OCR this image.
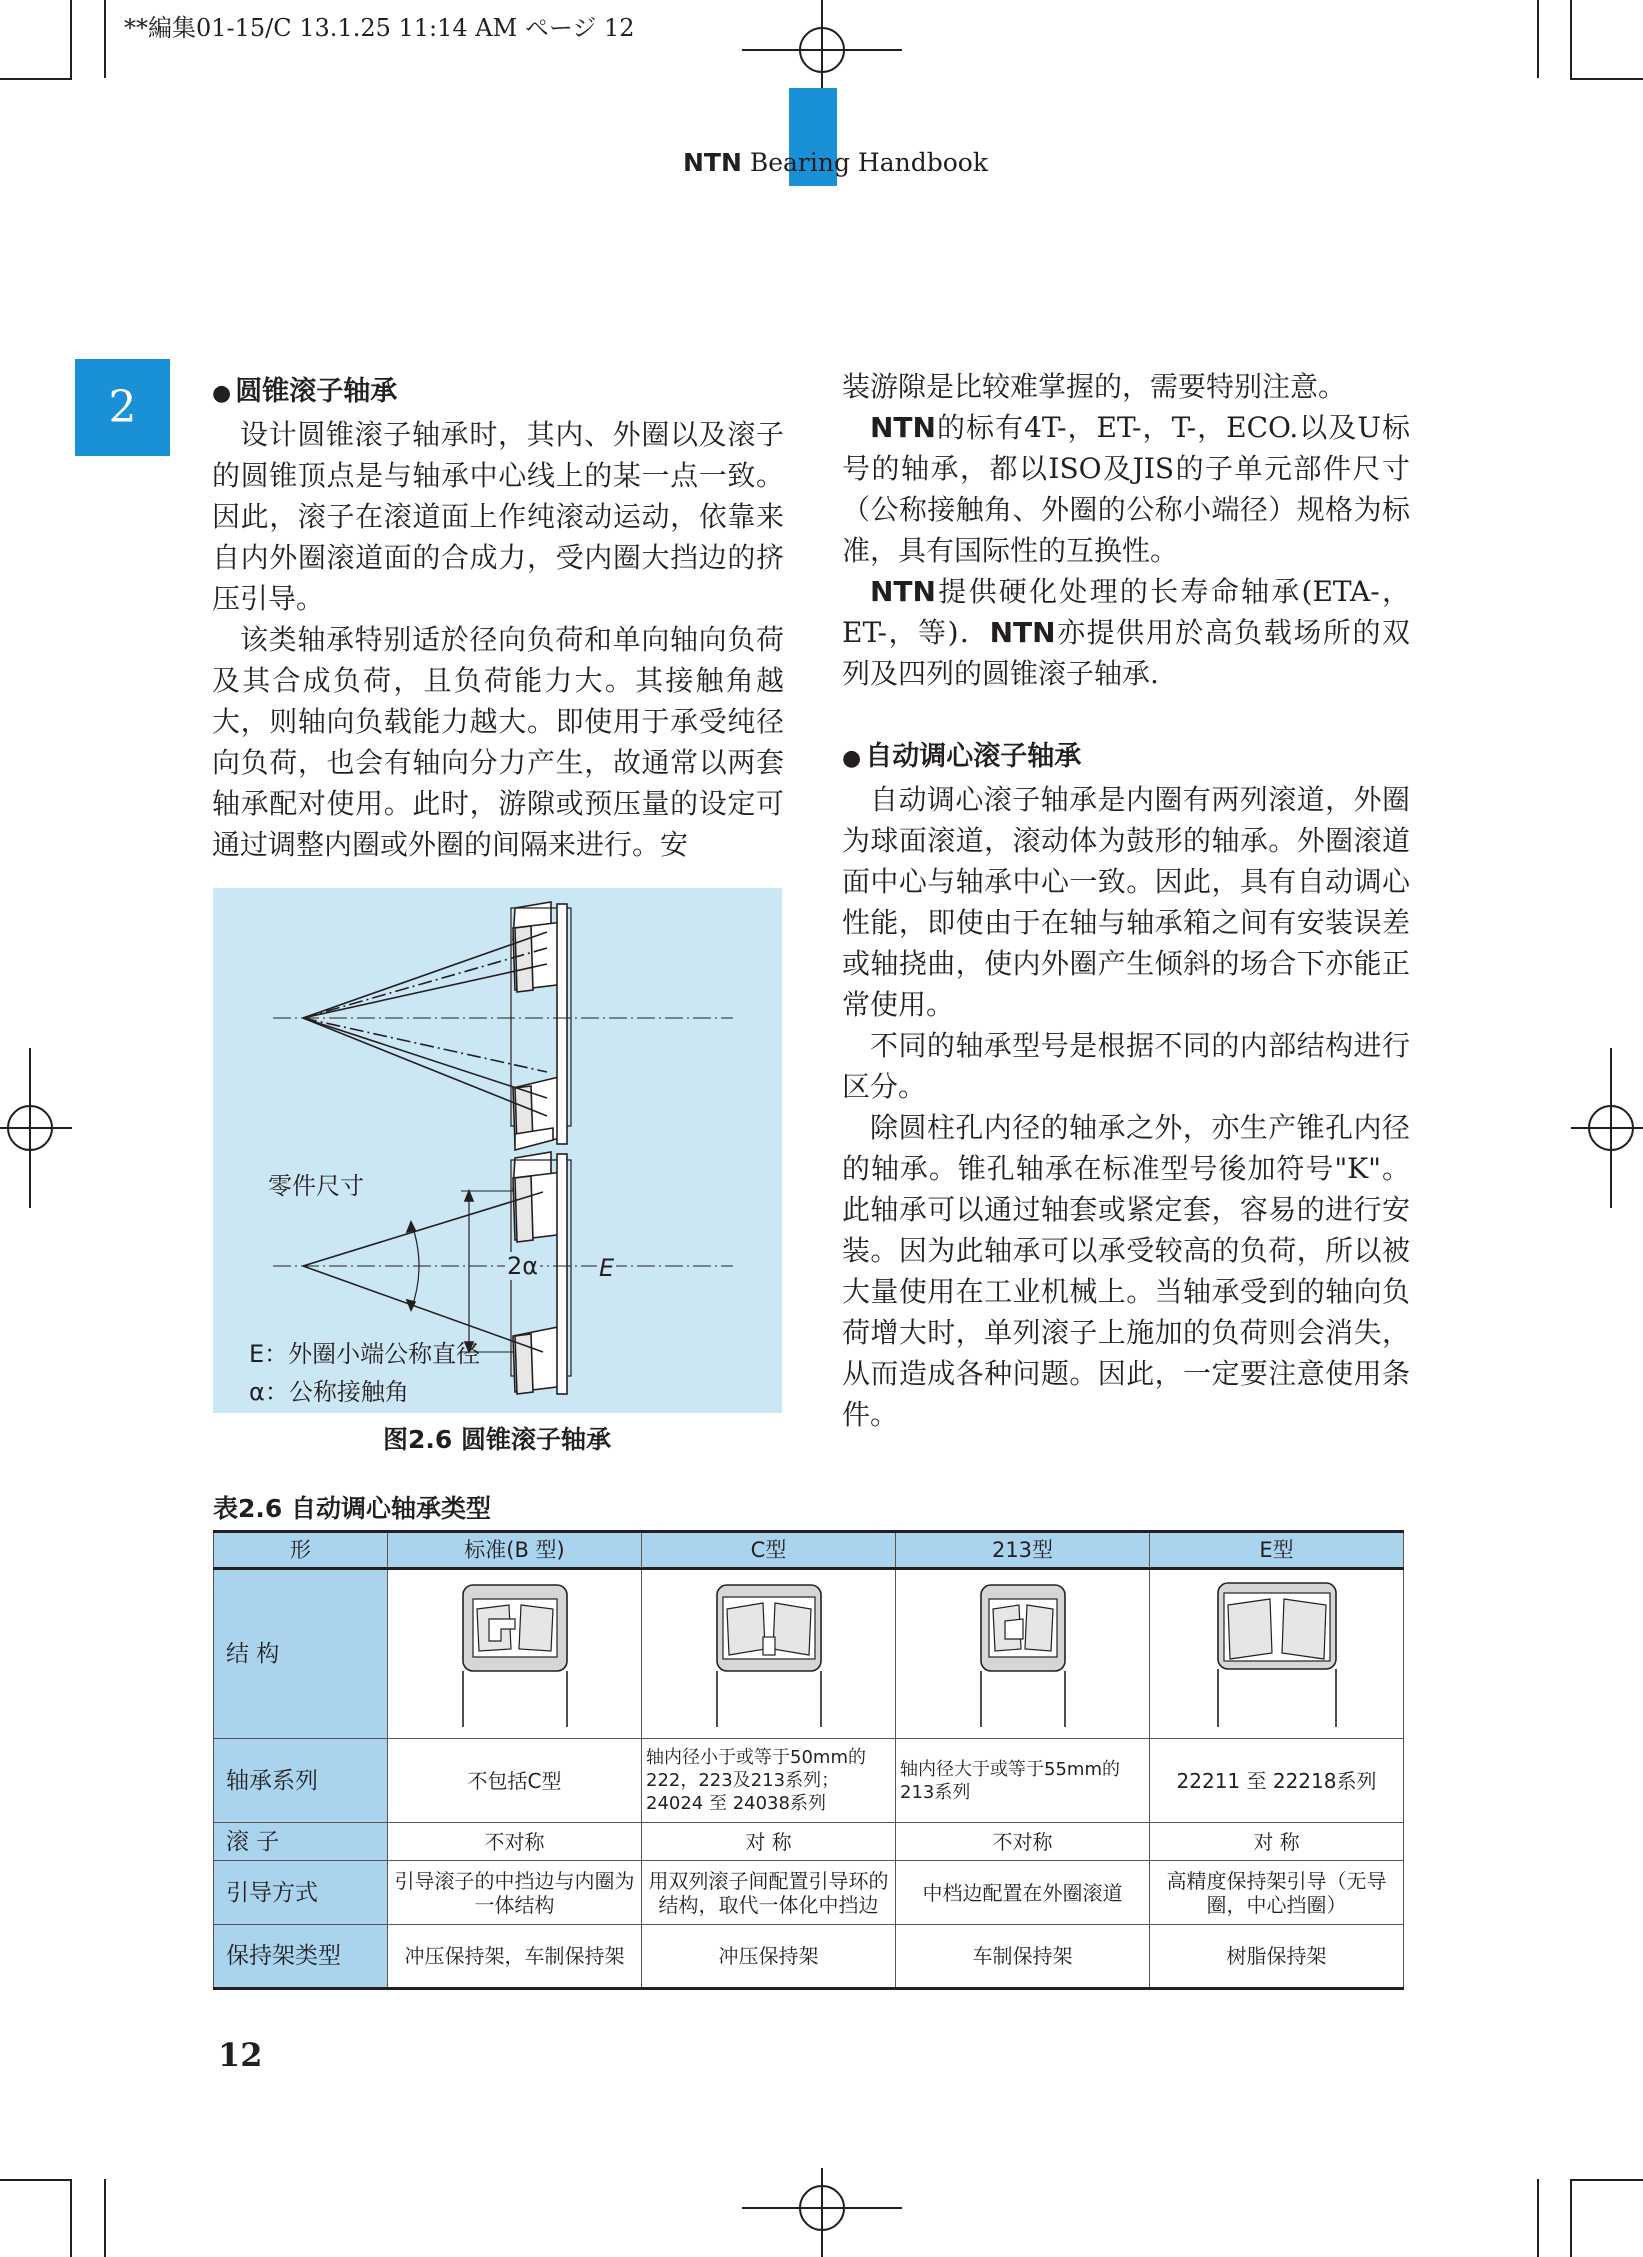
**編集01-15/C 13.1.25 11:14 AM ページ 12
NTN Bearing Handbook
2	● 圆锥滚子轴承

设计圆锥滚子轴承时，其内、外圈以及滚子的圆锥顶点是与轴承中心线上的某一点一致。因此，滚子在滚道面上作纯滚动运动，依靠来自内外圈滚道面的合成力，受内圈大挡边的挤压引导。

该类轴承特别适於径向负荷和单向轴向负荷及其合成负荷，且负荷能力大。其接触角越大，则轴向负载能力越大。即使用于承受纯径向负荷，也会有轴向分力产生，故通常以两套轴承配对使用。此时，游隙或预压量的设定可通过调整内圈或外圈的间隔来进行。安

装游隙是比较难掌握的，需要特别注意。

NTN的标有4T-，ET-，T-，ECO.以及U标号的轴承，都以ISO及JIS的子单元部件尺寸（公称接触角、外圈的公称小端径）规格为标准，具有国际性的互换性。

NTN提供硬化处理的长寿命轴承(ETA-，ET-，等)．NTN亦提供用於高负载场所的双列及四列的圆锥滚子轴承.

● 自动调心滚子轴承

自动调心滚子轴承是内圈有两列滚道，外圈为球面滚道，滚动体为鼓形的轴承。外圈滚道面中心与轴承中心一致。因此，具有自动调心性能，即使由于在轴与轴承箱之间有安装误差或轴挠曲，使内外圈产生倾斜的场合下亦能正常使用。

不同的轴承型号是根据不同的内部结构进行区分。

除圆柱孔内径的轴承之外，亦生产锥孔内径的轴承。锥孔轴承在标准型号後加符号"K"。此轴承可以通过轴套或紧定套，容易的进行安装。因为此轴承可以承受较高的负荷，所以被大量使用在工业机械上。当轴承受到的轴向负荷增大时，单列滚子上施加的负荷则会消失，从而造成各种问题。因此，一定要注意使用条件。

零件尺寸
2α	E
E：外圈小端公称直径
α：公称接触角
图2.6 圆锥滚子轴承
表2.6 自动调心轴承类型
形	标准(B 型)	C型	213型	E型
结 构	

轴承系列	不包括C型	轴内径小于或等于50mm的222，223及213系列；24024 至 24038系列	轴内径大于或等于55mm的213系列	22211 至 22218系列
滚 子	不对称	对 称	不对称	对 称
引导方式	引导滚子的中挡边与内圈为一体结构	用双列滚子间配置引导环的结构，取代一体化中挡边	中档边配置在外圈滚道	高精度保持架引导（无导圈，中心挡圈）
保持架类型	冲压保持架，车制保持架	冲压保持架	车制保持架	树脂保持架
12
